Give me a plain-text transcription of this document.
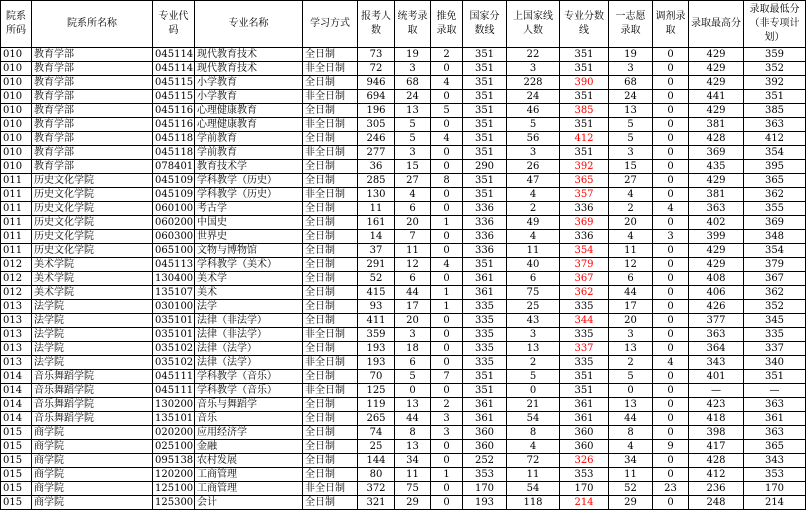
院系所码	院系所名称	专业代码	专业名称	学习方式	报考人数	统考录取	推免录取	国家分数线	上国家线人数	专业分数线	一志愿录取	调剂录取	录取最高分	录取最低分（非专项计划）
010	教育学部	045114	现代教育技术	全日制	73	19	2	351	22	351	19	0	429	359
010	教育学部	045114	现代教育技术	非全日制	72	3	0	351	3	351	3	0	429	352
010	教育学部	045115	小学教育	全日制	946	68	4	351	228	390	68	0	429	392
010	教育学部	045115	小学教育	非全日制	694	24	0	351	24	351	24	0	441	351
010	教育学部	045116	心理健康教育	全日制	196	13	5	351	46	385	13	0	429	385
010	教育学部	045116	心理健康教育	非全日制	305	5	0	351	5	351	5	0	381	363
010	教育学部	045118	学前教育	全日制	246	5	4	351	56	412	5	0	428	412
010	教育学部	045118	学前教育	非全日制	277	3	0	351	3	351	3	0	369	354
010	教育学部	078401	教育技术学	全日制	36	15	0	290	26	392	15	0	435	395
011	历史文化学院	045109	学科教学（历史）	全日制	285	27	8	351	47	365	27	0	429	365
011	历史文化学院	045109	学科教学（历史）	非全日制	130	4	0	351	4	357	4	0	381	362
011	历史文化学院	060100	考古学	全日制	11	6	0	336	2	336	2	4	363	355
011	历史文化学院	060200	中国史	全日制	161	20	1	336	49	369	20	0	402	369
011	历史文化学院	060300	世界史	全日制	14	7	0	336	4	336	4	3	399	348
011	历史文化学院	065100	文物与博物馆	全日制	37	11	0	336	11	354	11	0	429	354
012	美术学院	045113	学科教学（美术）	全日制	291	12	4	351	40	379	12	0	429	379
012	美术学院	130400	美术学	全日制	52	6	0	361	6	367	6	0	408	367
012	美术学院	135107	美术	全日制	415	44	1	361	75	362	44	0	406	362
013	法学院	030100	法学	全日制	93	17	1	335	25	335	17	0	426	352
013	法学院	035101	法律（非法学）	全日制	411	20	0	335	43	344	20	0	377	345
013	法学院	035101	法律（非法学）	非全日制	359	3	0	335	3	335	3	0	363	335
013	法学院	035102	法律（法学）	全日制	193	18	0	335	13	337	13	0	364	337
013	法学院	035102	法律（法学）	非全日制	193	6	0	335	2	335	2	4	343	340
014	音乐舞蹈学院	045111	学科教学（音乐）	全日制	70	5	7	351	5	351	5	0	401	351
014	音乐舞蹈学院	045111	学科教学（音乐）	非全日制	125	0	0	351	0	351	0	0	—	—
014	音乐舞蹈学院	130200	音乐与舞蹈学	全日制	119	13	2	361	21	361	13	0	423	363
014	音乐舞蹈学院	135101	音乐	全日制	265	44	3	361	54	361	44	0	418	361
015	商学院	020200	应用经济学	全日制	74	8	3	360	8	360	8	0	398	363
015	商学院	025100	金融	全日制	25	13	0	360	4	360	4	9	417	365
015	商学院	095138	农村发展	全日制	144	34	0	252	72	326	34	0	428	343
015	商学院	120200	工商管理	全日制	80	11	1	353	11	353	11	0	412	353
015	商学院	125100	工商管理	非全日制	372	75	0	170	54	170	52	23	236	170
015	商学院	125300	会计	全日制	321	29	0	193	118	214	29	0	248	214
